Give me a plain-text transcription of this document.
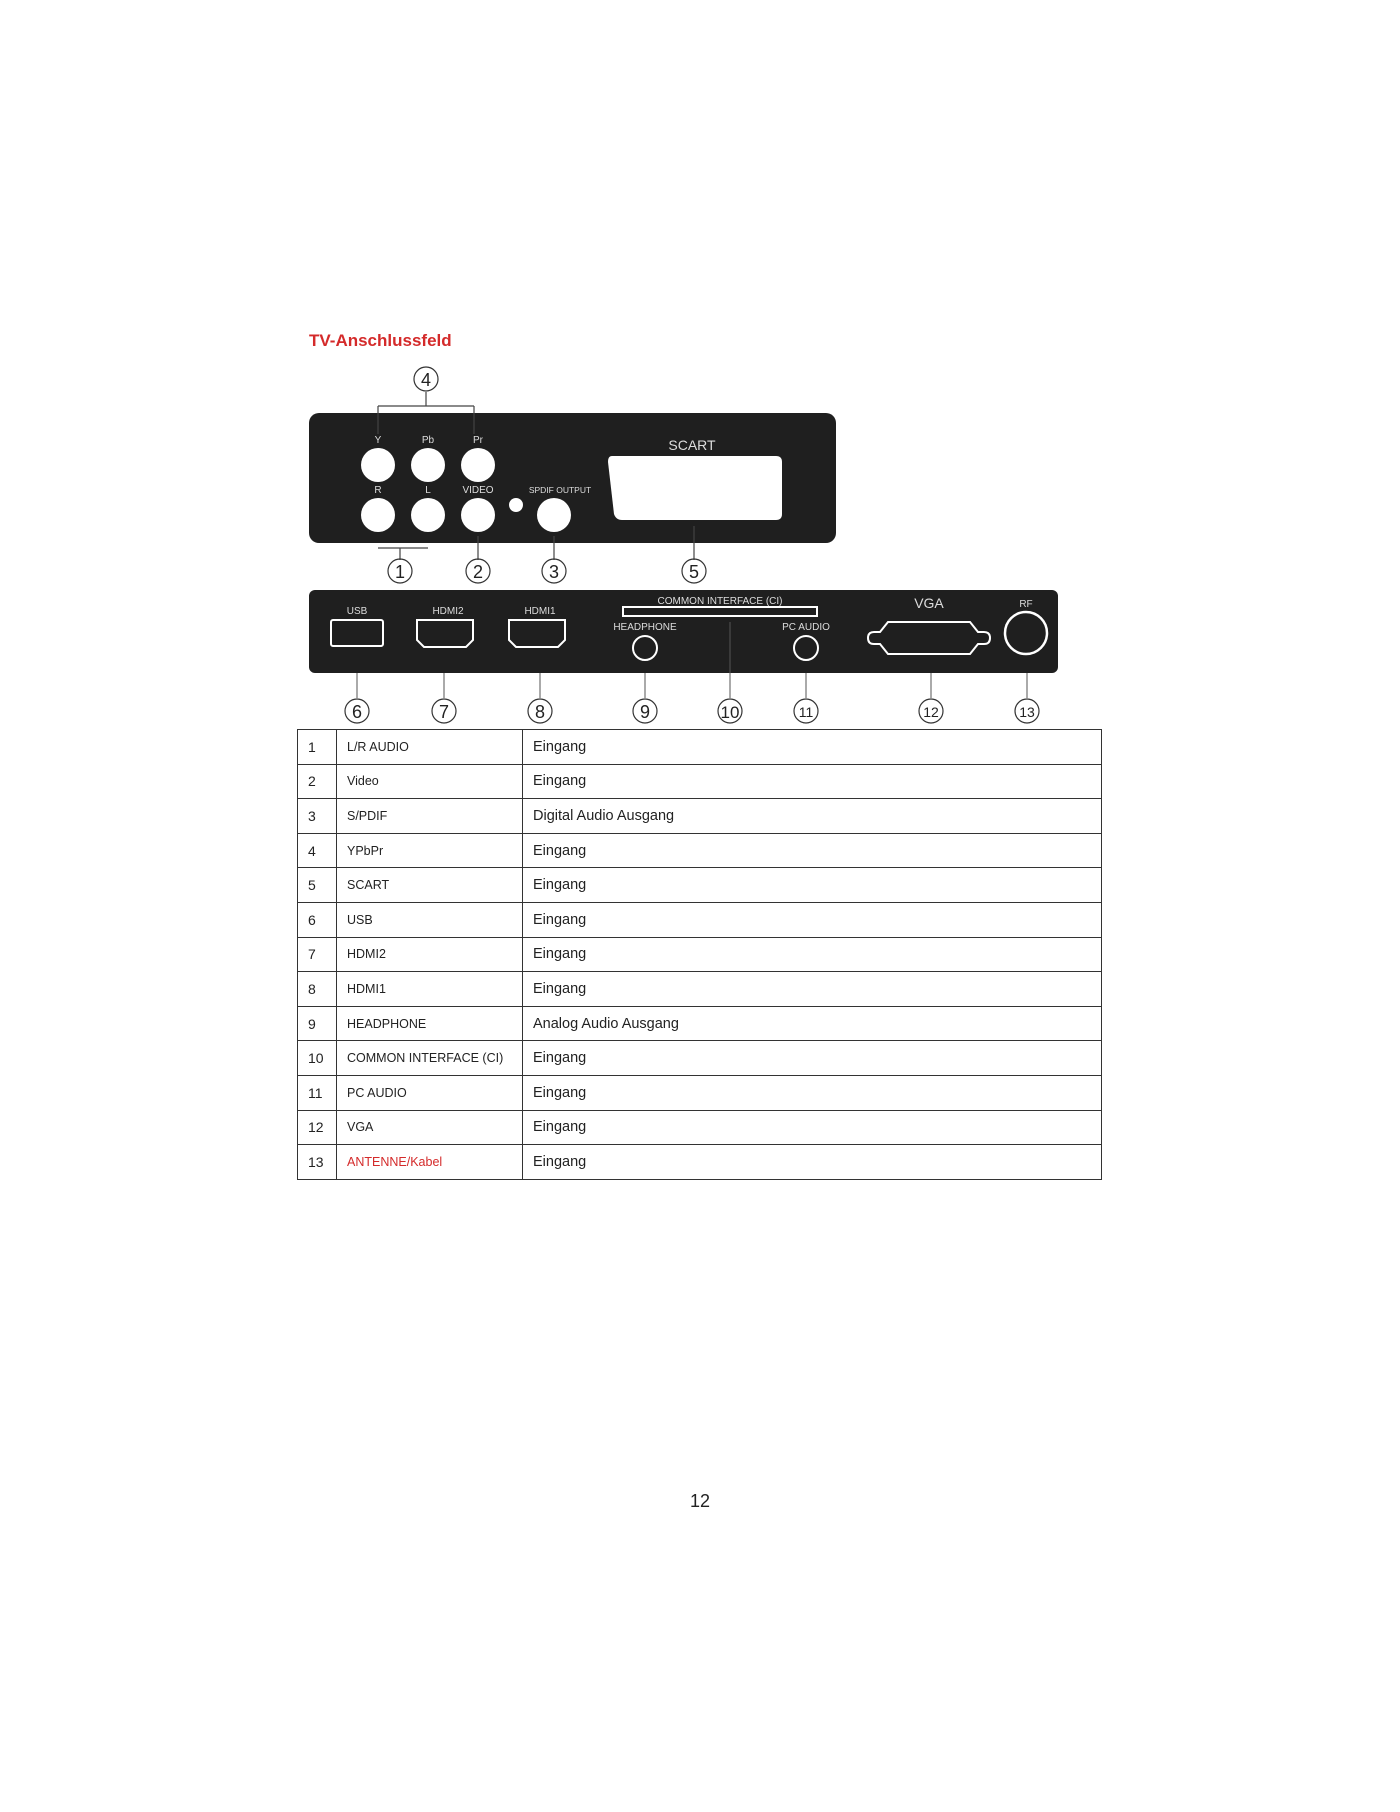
TV-Anschlussfeld
Y	Pb	Pr
R	L	VIDEO	SPDIF OUTPUT
SCART
4
1	2	3	5
USB	HDMI2	HDMI1
COMMON INTERFACE (CI)
HEADPHONE	PC AUDIO
VGA	RF
6	7	8	9	10	11	12	13
1	L/R AUDIO	Eingang
2	Video	Eingang
3	S/PDIF	Digital Audio Ausgang
4	YPbPr	Eingang
5	SCART	Eingang
6	USB	Eingang
7	HDMI2	Eingang
8	HDMI1	Eingang
9	HEADPHONE	Analog Audio Ausgang
10	COMMON INTERFACE (CI)	Eingang
11	PC AUDIO	Eingang
12	VGA	Eingang
13	ANTENNE/Kabel	Eingang
12
